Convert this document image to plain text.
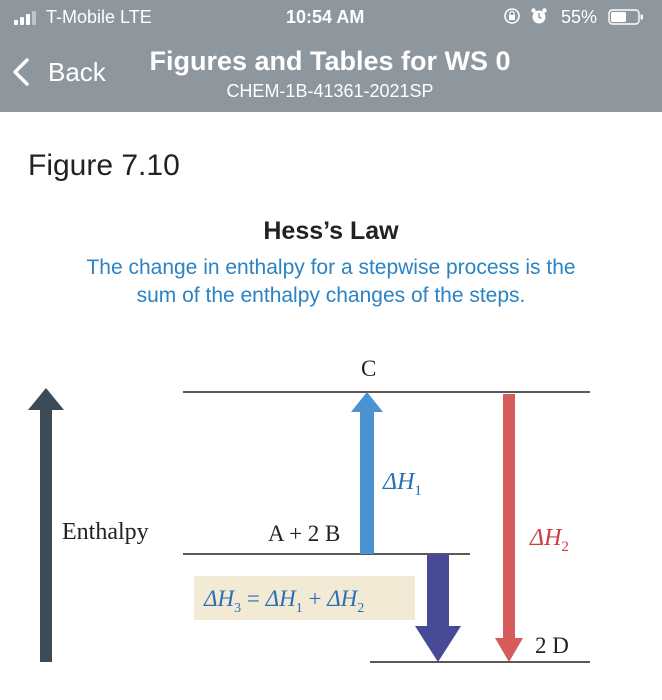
T-Mobile LTE	10:54 AM	55%
Back	Figures and Tables for WS 0
CHEM-1B-41361-2021SP
Figure 7.10
Hess’s Law
The change in enthalpy for a stepwise process is the
sum of the enthalpy changes of the steps.
Enthalpy
C
A + 2 B
2 D
$\Delta H_1$
$\Delta H_2$
$\Delta H_3 = \Delta H_1 + \Delta H_2$
